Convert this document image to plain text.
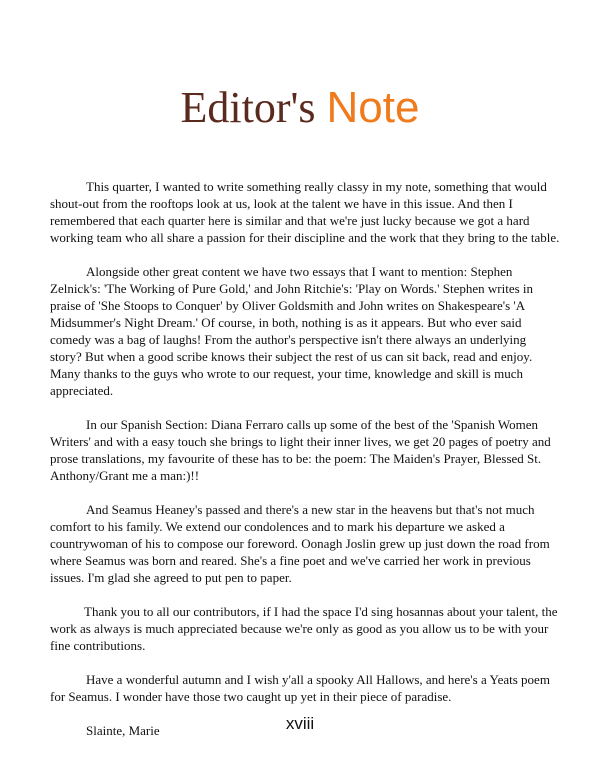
Editor's Note

This quarter, I wanted to write something really classy in my note, something that would shout-out from the rooftops look at us, look at the talent we have in this issue. And then I remembered that each quarter here is similar and that we're just lucky because we got a hard working team who all share a passion for their discipline and the work that they bring to the table.

Alongside other great content we have two essays that I want to mention: Stephen Zelnick's: 'The Working of Pure Gold,' and John Ritchie's: 'Play on Words.' Stephen writes in praise of 'She Stoops to Conquer' by Oliver Goldsmith and John writes on Shakespeare's 'A Midsummer's Night Dream.' Of course, in both, nothing is as it appears. But who ever said comedy was a bag of laughs! From the author's perspective isn't there always an underlying story? But when a good scribe knows their subject the rest of us can sit back, read and enjoy. Many thanks to the guys who wrote to our request, your time, knowledge and skill is much appreciated.

In our Spanish Section: Diana Ferraro calls up some of the best of the 'Spanish Women Writers' and with a easy touch she brings to light their inner lives, we get 20 pages of poetry and prose translations, my favourite of these has to be: the poem: The Maiden's Prayer, Blessed St. Anthony/Grant me a man:)!!

And Seamus Heaney's passed and there's a new star in the heavens but that's not much comfort to his family. We extend our condolences and to mark his departure we asked a countrywoman of his to compose our foreword. Oonagh Joslin grew up just down the road from where Seamus was born and reared. She's a fine poet and we've carried her work in previous issues. I'm glad she agreed to put pen to paper.

Thank you to all our contributors, if I had the space I'd sing hosannas about your talent, the work as always is much appreciated because we're only as good as you allow us to be with your fine contributions.

Have a wonderful autumn and I wish y'all a spooky All Hallows, and here's a Yeats poem for Seamus. I wonder have those two caught up yet in their piece of paradise.

Slainte, Marie	xviii
